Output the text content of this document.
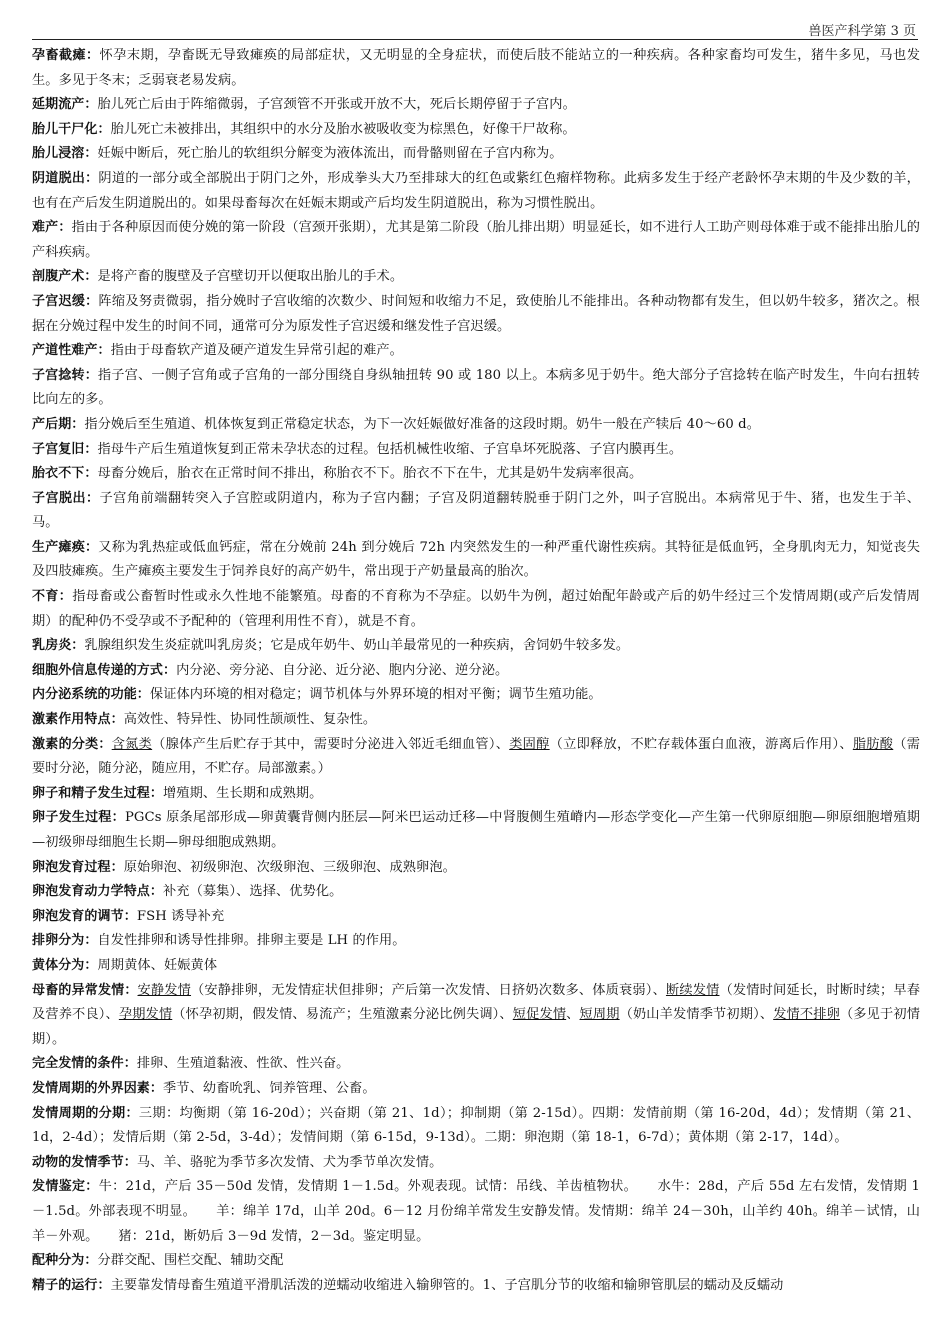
兽医产科学第 3 页

孕畜截瘫：怀孕末期，孕畜既无导致瘫痪的局部症状，又无明显的全身症状，而使后肢不能站立的一种疾病。各种家畜均可发生，猪牛多见，马也发生。多见于冬末；乏弱衰老易发病。

延期流产：胎儿死亡后由于阵缩微弱，子宫颈管不开张或开放不大，死后长期停留于子宫内。

胎儿干尸化：胎儿死亡未被排出，其组织中的水分及胎水被吸收变为棕黑色，好像干尸故称。

胎儿浸溶：妊娠中断后，死亡胎儿的软组织分解变为液体流出，而骨骼则留在子宫内称为。

阴道脱出：阴道的一部分或全部脱出于阴门之外，形成拳头大乃至排球大的红色或紫红色瘤样物称。此病多发生于经产老龄怀孕末期的牛及少数的羊，也有在产后发生阴道脱出的。如果母畜每次在妊娠末期或产后均发生阴道脱出，称为习惯性脱出。

难产：指由于各种原因而使分娩的第一阶段（宫颈开张期），尤其是第二阶段（胎儿排出期）明显延长，如不进行人工助产则母体难于或不能排出胎儿的产科疾病。

剖腹产术：是将产畜的腹壁及子宫壁切开以便取出胎儿的手术。

子宫迟缓：阵缩及努责微弱，指分娩时子宫收缩的次数少、时间短和收缩力不足，致使胎儿不能排出。各种动物都有发生，但以奶牛较多，猪次之。根据在分娩过程中发生的时间不同，通常可分为原发性子宫迟缓和继发性子宫迟缓。

产道性难产：指由于母畜软产道及硬产道发生异常引起的难产。

子宫捻转：指子宫、一侧子宫角或子宫角的一部分围绕自身纵轴扭转 90 或 180 以上。本病多见于奶牛。绝大部分子宫捻转在临产时发生，牛向右扭转比向左的多。

产后期：指分娩后至生殖道、机体恢复到正常稳定状态，为下一次妊娠做好准备的这段时期。奶牛一般在产犊后 40～60 d。

子宫复旧：指母牛产后生殖道恢复到正常未孕状态的过程。包括机械性收缩、子宫阜坏死脱落、子宫内膜再生。

胎衣不下：母畜分娩后，胎衣在正常时间不排出，称胎衣不下。胎衣不下在牛，尤其是奶牛发病率很高。

子宫脱出：子宫角前端翻转突入子宫腔或阴道内，称为子宫内翻；子宫及阴道翻转脱垂于阴门之外，叫子宫脱出。本病常见于牛、猪，也发生于羊、马。

生产瘫痪：又称为乳热症或低血钙症，常在分娩前 24h 到分娩后 72h 内突然发生的一种严重代谢性疾病。其特征是低血钙，全身肌肉无力，知觉丧失及四肢瘫痪。生产瘫痪主要发生于饲养良好的高产奶牛，常出现于产奶量最高的胎次。

不育：指母畜或公畜暂时性或永久性地不能繁殖。母畜的不育称为不孕症。以奶牛为例，超过始配年龄或产后的奶牛经过三个发情周期(或产后发情周期）的配种仍不受孕或不予配种的（管理利用性不育），就是不育。

乳房炎：乳腺组织发生炎症就叫乳房炎；它是成年奶牛、奶山羊最常见的一种疾病，舍饲奶牛较多发。

细胞外信息传递的方式：内分泌、旁分泌、自分泌、近分泌、胞内分泌、逆分泌。

内分泌系统的功能：保证体内环境的相对稳定；调节机体与外界环境的相对平衡；调节生殖功能。

激素作用特点：高效性、特异性、协同性颉颃性、复杂性。

激素的分类：含氮类（腺体产生后贮存于其中，需要时分泌进入邻近毛细血管）、类固醇（立即释放，不贮存载体蛋白血液，游离后作用）、脂肪酸（需要时分泌，随分泌，随应用，不贮存。局部激素。）

卵子和精子发生过程：增殖期、生长期和成熟期。

卵子发生过程：PGCs 原条尾部形成—卵黄囊背侧内胚层—阿米巴运动迁移—中肾腹侧生殖嵴内—形态学变化—产生第一代卵原细胞—卵原细胞增殖期—初级卵母细胞生长期—卵母细胞成熟期。

卵泡发育过程：原始卵泡、初级卵泡、次级卵泡、三级卵泡、成熟卵泡。

卵泡发育动力学特点：补充（募集）、选择、优势化。

卵泡发育的调节：FSH 诱导补充

排卵分为：自发性排卵和诱导性排卵。排卵主要是 LH 的作用。

黄体分为：周期黄体、妊娠黄体

母畜的异常发情：安静发情（安静排卵，无发情症状但排卵；产后第一次发情、日挤奶次数多、体质衰弱）、断续发情（发情时间延长，时断时续；早春及营养不良）、孕期发情（怀孕初期，假发情、易流产；生殖激素分泌比例失调）、短促发情、短周期（奶山羊发情季节初期）、发情不排卵（多见于初情期）。

完全发情的条件：排卵、生殖道黏液、性欲、性兴奋。

发情周期的外界因素：季节、幼畜吮乳、饲养管理、公畜。

发情周期的分期：三期：均衡期（第 16-20d）；兴奋期（第 21、1d）；抑制期（第 2-15d）。四期：发情前期（第 16-20d，4d）；发情期（第 21、1d，2-4d）；发情后期（第 2-5d，3-4d）；发情间期（第 6-15d，9-13d）。二期：卵泡期（第 18-1，6-7d）；黄体期（第 2-17，14d）。

动物的发情季节：马、羊、骆驼为季节多次发情、犬为季节单次发情。

发情鉴定：牛：21d，产后 35－50d 发情，发情期 1－1.5d。外观表现。试情：吊线、羊齿植物状。　　水牛：28d，产后 55d 左右发情，发情期 1－1.5d。外部表现不明显。　　羊：绵羊 17d，山羊 20d。6－12 月份绵羊常发生安静发情。发情期：绵羊 24－30h，山羊约 40h。绵羊－试情，山羊－外观。　　猪：21d，断奶后 3－9d 发情，2－3d。鉴定明显。

配种分为：分群交配、围栏交配、辅助交配

精子的运行：主要靠发情母畜生殖道平滑肌活泼的逆蠕动收缩进入输卵管的。1、子宫肌分节的收缩和输卵管肌层的蠕动及反蠕动
